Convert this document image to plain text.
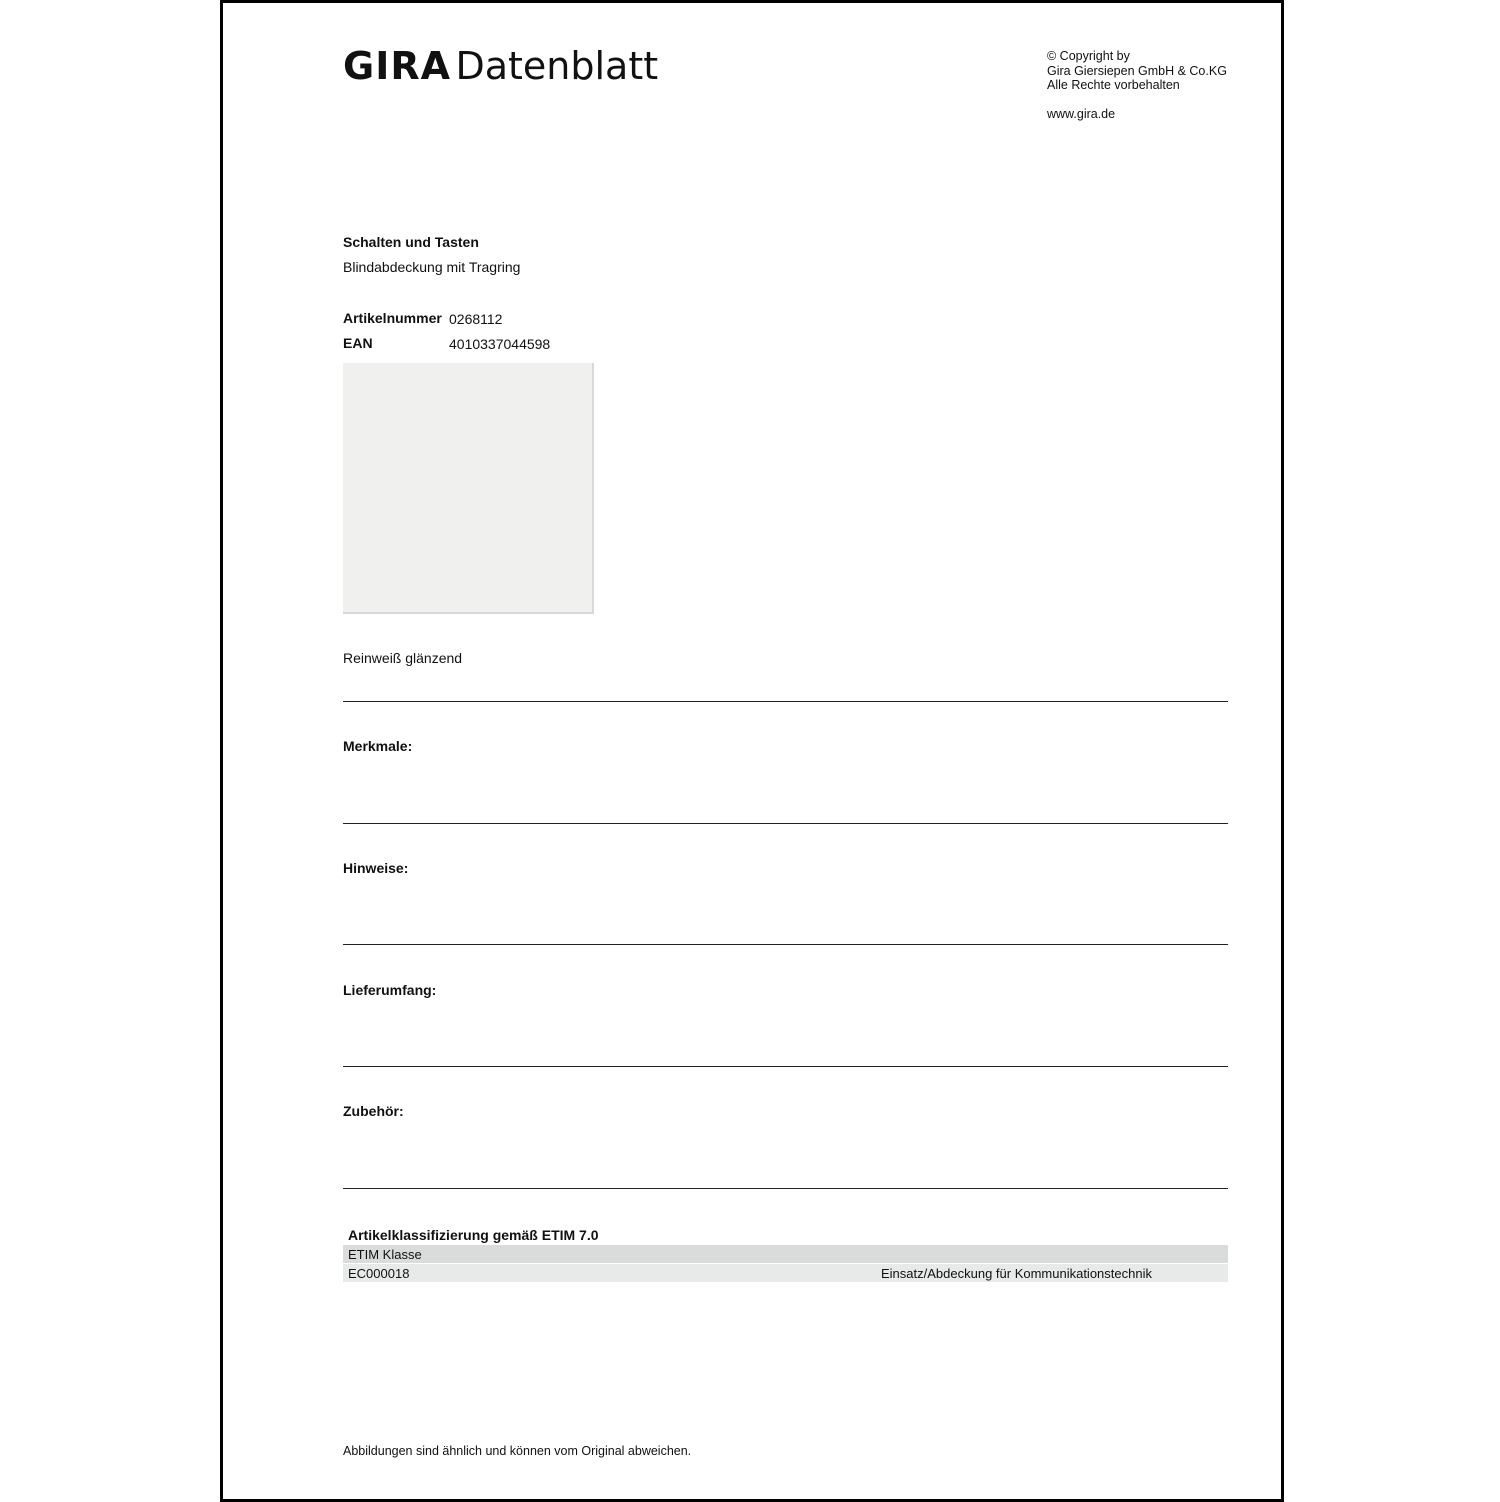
GIRA Datenblatt	© Copyright by
Gira Giersiepen GmbH & Co.KG
Alle Rechte vorbehalten
www.gira.de
Schalten und Tasten
Blindabdeckung mit Tragring
Artikelnummer 0268112
EAN	4010337044598
Reinweiß glänzend
Merkmale:
Hinweise:
Lieferumfang:
Zubehör:
Artikelklassifizierung gemäß ETIM 7.0
ETIM Klasse
EC000018	Einsatz/Abdeckung für Kommunikationstechnik
Abbildungen sind ähnlich und können vom Original abweichen.
